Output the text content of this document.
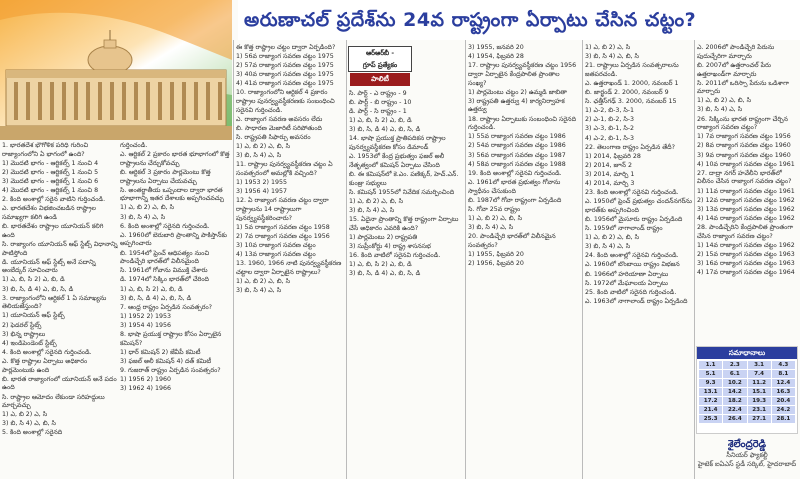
అరుణాచల్ ప్రదేశ్‌ను 24వ రాష్ట్రంగా ఏర్పాటు చేసిన చట్టం?

1. భారతదేశ భౌగోళిక పరిధి గురించి రాజ్యాంగంలోని ఏ భాగంలో ఉంది?

1) మొదటి భాగం - ఆర్టికల్స్ 1 నుంచి 4

2) మొదటి భాగం - ఆర్టికల్స్ 1 నుంచి 5

3) మొదటి భాగం - ఆర్టికల్స్ 1 నుంచి 6

4) మొదటి భాగం - ఆర్టికల్స్ 1 నుంచి 8

2. కింది అంశాల్లో సరైన వాటిని గుర్తించండి.

ఎ. భారతదేశం విభజించబడిన రాష్ట్రాల సమాఖ్యగా కలిగి ఉండి

బి. భారతదేశం రాష్ట్రాల యూనియన్ కలిగి ఉంది

సి. రాజ్యాంగం యూనియన్ ఆఫ్ స్టేట్స్ విధానాన్ని పాటిస్తోంది

డి. యూనియన్ ఆఫ్ స్టేట్స్ అనే పదాన్ని అంబేద్కర్ సూచించారు

1) ఎ, బి, సి 2) ఎ, బి, డి

3) బి, సి, డి 4) ఎ, బి, సి, డి

3. రాజ్యాంగంలోని ఆర్టికల్ 1 ఏ సమాఖ్యను తెలియజేస్తుంది?

1) యూనియన్ ఆఫ్ స్టేట్స్

2) ఫెడరల్ స్టేట్స్

3) భిన్న రాష్ట్రాలు

4) ఇండిపెండెంట్ స్టేట్స్

4. కింది అంశాల్లో సరైనది గుర్తించండి.

ఎ. కొత్త రాష్ట్రాల ఏర్పాటు అధికారం పార్లమెంటుకు ఉంది

బి. భారత రాజ్యాంగంలో యూనియన్ అనే పదం ఉంది

సి. రాష్ట్రాల ఆమోదం లేకుండా సరిహద్దులు మార్చవచ్చు

1) ఎ, బి 2) ఎ, సి

3) బి, సి 4) ఎ, బి, సి

5. కింది అంశాల్లో సరైనది

గుర్తించండి.

ఎ. ఆర్టికల్ 2 ప్రకారం భారత భూభాగంలో కొత్త రాష్ట్రాలను చేర్చుకోవచ్చు

బి. ఆర్టికల్ 3 ప్రకారం పార్లమెంటు కొత్త రాష్ట్రాలను ఏర్పాటు చేయవచ్చు

సి. అంతర్జాతీయ ఒప్పందాల ద్వారా భారత భూభాగాన్ని ఇతర దేశాలకు అప్పగించవచ్చు

1) ఎ, బి 2) ఎ, బి, సి

3) బి, సి 4) ఎ, సి

6. కింది అంశాల్లో సరైనది గుర్తించండి.

ఎ. 1960లో బెరుబారి ప్రాంతాన్ని పాకిస్తాన్‌కు అప్పగించారు

బి. 1954లో ఫ్రెంచ్ ఆధిపత్యం నుంచి పాండిచ్చేరి భారత్‌లో విలీనమైంది

సి. 1961లో గోవాను విముక్తి చేశారు

డి. 1974లో సిక్కిం భారత్‌లో చేరింది

1) ఎ, బి, సి 2) ఎ, బి, డి

3) బి, సి, డి 4) ఎ, బి, సి, డి

7. ఆంధ్ర రాష్ట్రం ఏర్పడిన సంవత్సరం?

1) 1952 2) 1953

3) 1954 4) 1956

8. భాషా ప్రయుక్త రాష్ట్రాల కోసం ఏర్పాటైన కమిషన్?

1) ధార్ కమిషన్ 2) జేవీపీ కమిటీ

3) ఫజల్ అలీ కమిషన్ 4) దత్ కమిటీ

9. గుజరాత్ రాష్ట్రం ఏర్పడిన సంవత్సరం?

1) 1956 2) 1960

3) 1962 4) 1966

ఈ కొత్త రాష్ట్రాల చట్టం ద్వారా ఏర్పడింది?

1) 56వ రాజ్యాంగ సవరణ చట్టం 1975

2) 57వ రాజ్యాంగ సవరణ చట్టం 1975

3) 40వ రాజ్యాంగ సవరణ చట్టం 1975

4) 41వ రాజ్యాంగ సవరణ చట్టం 1975

10. రాజ్యాంగంలోని ఆర్టికల్ 4 ప్రకారం రాష్ట్రాల పునర్వ్యవస్థీకరణకు సంబంధించి సరైనవి గుర్తించండి.

ఎ. రాజ్యాంగ సవరణ అవసరం లేదు

బి. సాధారణ మెజారిటీ సరిపోతుంది

సి. రాష్ట్రపతి సిఫార్సు అవసరం

1) ఎ, బి 2) ఎ, బి, సి

3) బి, సి 4) ఎ, సి

11. రాష్ట్రాల పునర్వ్యవస్థీకరణ చట్టం ఏ సంవత్సరంలో అమల్లోకి వచ్చింది?

1) 1953 2) 1955

3) 1956 4) 1957

12. ఏ రాజ్యాంగ సవరణ చట్టం ద్వారా రాష్ట్రాలను 14 రాష్ట్రాలుగా పునర్వ్యవస్థీకరించారు?

1) 5వ రాజ్యాంగ సవరణ చట్టం 1958

2) 7వ రాజ్యాంగ సవరణ చట్టం 1956

3) 10వ రాజ్యాంగ సవరణ చట్టం

4) 13వ రాజ్యాంగ సవరణ చట్టం

13. 1960, 1966 నాటి పునర్వ్యవస్థీకరణ చట్టాల ద్వారా ఏర్పాటైన రాష్ట్రాలు?

1) ఎ, బి 2) ఎ, బి, సి

3) బి, సి 4) ఎ, సి

ఆర్‌ఆర్‌బీ -
గ్రూప్ ప్రత్యేకం
పాలిటీ

సి. పార్ట్ - ఎ రాష్ట్రం - 9

బి. పార్ట్ - బి రాష్ట్రం - 10

డి. పార్ట్ - సి రాష్ట్రం - 1

1) ఎ, బి, సి 2) ఎ, బి, డి

3) బి, సి, డి 4) ఎ, బి, సి, డి

14. భాషా ప్రయుక్త ప్రాతిపదికన రాష్ట్రాల పునర్వ్యవస్థీకరణ కోసం డిమాండ్

ఎ. 1953లో కేంద్ర ప్రభుత్వం ఫజల్ అలీ నేతృత్వంలో కమిషన్ ఏర్పాటు చేసింది

బి. ఈ కమిషన్‌లో కె.ఎం. పణిక్కర్, హెచ్.ఎన్. కుంజ్రు సభ్యులు

సి. కమిషన్ 1955లో నివేదిక సమర్పించింది

1) ఎ, బి 2) ఎ, బి, సి

3) బి, సి 4) ఎ, సి

15. ఏదైనా ప్రాంతాన్ని కొత్త రాష్ట్రంగా ఏర్పాటు చేసే అధికారం ఎవరికి ఉంది?

1) పార్లమెంటు 2) రాష్ట్రపతి

3) సుప్రీంకోర్టు 4) రాష్ట్ర శాసనసభ

16. కింది వాటిలో సరైనవి గుర్తించండి.

1) ఎ, బి, సి 2) ఎ, బి, డి

3) బి, సి, డి 4) ఎ, బి, సి, డి

3) 1955, జనవరి 20

4) 1954, ఫిబ్రవరి 28

17. రాష్ట్రాల పునర్వ్యవస్థీకరణ చట్టం 1956 ద్వారా ఏర్పాటైన కేంద్రపాలిత ప్రాంతాల సంఖ్య?

1) పార్లమెంటు చట్టం 2) ఉమ్మడి జాబితా

3) రాష్ట్రపతి ఉత్తర్వు 4) కార్యనిర్వాహక ఉత్తర్వు

18. రాష్ట్రాల ఏర్పాటుకు సంబంధించి సరైనది గుర్తించండి.

1) 55వ రాజ్యాంగ సవరణ చట్టం 1986

2) 54వ రాజ్యాంగ సవరణ చట్టం 1986

3) 56వ రాజ్యాంగ సవరణ చట్టం 1987

4) 58వ రాజ్యాంగ సవరణ చట్టం 1988

19. కింది అంశాల్లో సరైనవి గుర్తించండి.

ఎ. 1961లో భారత ప్రభుత్వం గోవాను స్వాధీనం చేసుకుంది

బి. 1987లో గోవా రాష్ట్రంగా ఏర్పడింది

సి. గోవా 25వ రాష్ట్రం

1) ఎ, బి 2) ఎ, బి, సి

3) బి, సి 4) ఎ, సి

20. పాండిచ్చేరి భారత్‌లో విలీనమైన సంవత్సరం?

1) 1955, ఫిబ్రవరి 20

2) 1956, ఫిబ్రవరి 20

1) ఎ, బి 2) ఎ, సి

3) బి, సి 4) ఎ, బి, సి

21. రాష్ట్రాలు ఏర్పడిన సంవత్సరాలను జతపరచండి.

ఎ. ఉత్తరాఖండ్ 1. 2000, నవంబర్ 1

బి. జార్ఖండ్ 2. 2000, నవంబర్ 9

సి. ఛత్తీస్‌గఢ్ 3. 2000, నవంబర్ 15

1) ఎ-2, బి-3, సి-1

2) ఎ-1, బి-2, సి-3

3) ఎ-3, బి-1, సి-2

4) ఎ-2, బి-1, సి-3

22. తెలంగాణ రాష్ట్రం ఏర్పడిన తేదీ?

1) 2014, ఫిబ్రవరి 28

2) 2014, జూన్ 2

3) 2014, మార్చి 1

4) 2014, మార్చి 3

23. కింది అంశాల్లో సరైనవి గుర్తించండి.

ఎ. 1950లో ఫ్రెంచ్ ప్రభుత్వం చందన్‌నగర్‌ను భారత్‌కు అప్పగించింది

బి. 1956లో మైసూరు రాష్ట్రం ఏర్పడింది

సి. 1959లో నాగాలాండ్ రాష్ట్రం

1) ఎ, బి 2) ఎ, బి, సి

3) బి, సి 4) ఎ, సి

24. కింది అంశాల్లో సరైనవి గుర్తించండి.

ఎ. 1960లో బొంబాయి రాష్ట్రం విభజన

బి. 1966లో హరియాణా ఏర్పాటు

సి. 1972లో మేఘాలయ ఏర్పాటు

25. కింది వాటిలో సరైనది గుర్తించండి.

ఎ. 1963లో నాగాలాండ్ రాష్ట్రం ఏర్పడింది

ఎ. 2006లో పాండిచ్చేరి పేరును పుదుచ్చేరిగా మార్చారు

బి. 2007లో ఉత్తరాంచల్ పేరు ఉత్తరాఖండ్‌గా మార్చారు

సి. 2011లో ఒరిస్సా పేరును ఒడిశాగా మార్చారు

1) ఎ, బి 2) ఎ, బి, సి

3) బి, సి 4) ఎ, సి

26. సిక్కింను భారత రాష్ట్రంగా చేర్చిన రాజ్యాంగ సవరణ చట్టం?

1) 7వ రాజ్యాంగ సవరణ చట్టం 1956

2) 8వ రాజ్యాంగ సవరణ చట్టం 1960

3) 9వ రాజ్యాంగ సవరణ చట్టం 1960

4) 10వ రాజ్యాంగ సవరణ చట్టం 1961

27. దాద్రా నగర్ హవేలీని భారత్‌లో విలీనం చేసిన రాజ్యాంగ సవరణ చట్టం?

1) 11వ రాజ్యాంగ సవరణ చట్టం 1961

2) 12వ రాజ్యాంగ సవరణ చట్టం 1962

3) 13వ రాజ్యాంగ సవరణ చట్టం 1962

4) 14వ రాజ్యాంగ సవరణ చట్టం 1962

28. పాండిచ్చేరిని కేంద్రపాలిత ప్రాంతంగా చేసిన రాజ్యాంగ సవరణ చట్టం?

1) 14వ రాజ్యాంగ సవరణ చట్టం 1962

2) 15వ రాజ్యాంగ సవరణ చట్టం 1963

3) 16వ రాజ్యాంగ సవరణ చట్టం 1963

4) 17వ రాజ్యాంగ సవరణ చట్టం 1964

సమాధానాలు
1.1	2.3	3.1	4.3
5.1	6.1	7.4	8.1
9.3	10.2	11.2	12.4
13.1	14.2	15.1	16.3
17.2	18.2	19.3	20.4
21.4	22.4	23.1	24.2
25.3	26.4	27.1	28.1
శైలేంద్రరెడ్డి
సీనియర్ ఫ్యాకల్టీ
హైటెక్ ఐఏఎస్ స్టడీ సర్కిల్, హైదరాబాద్
